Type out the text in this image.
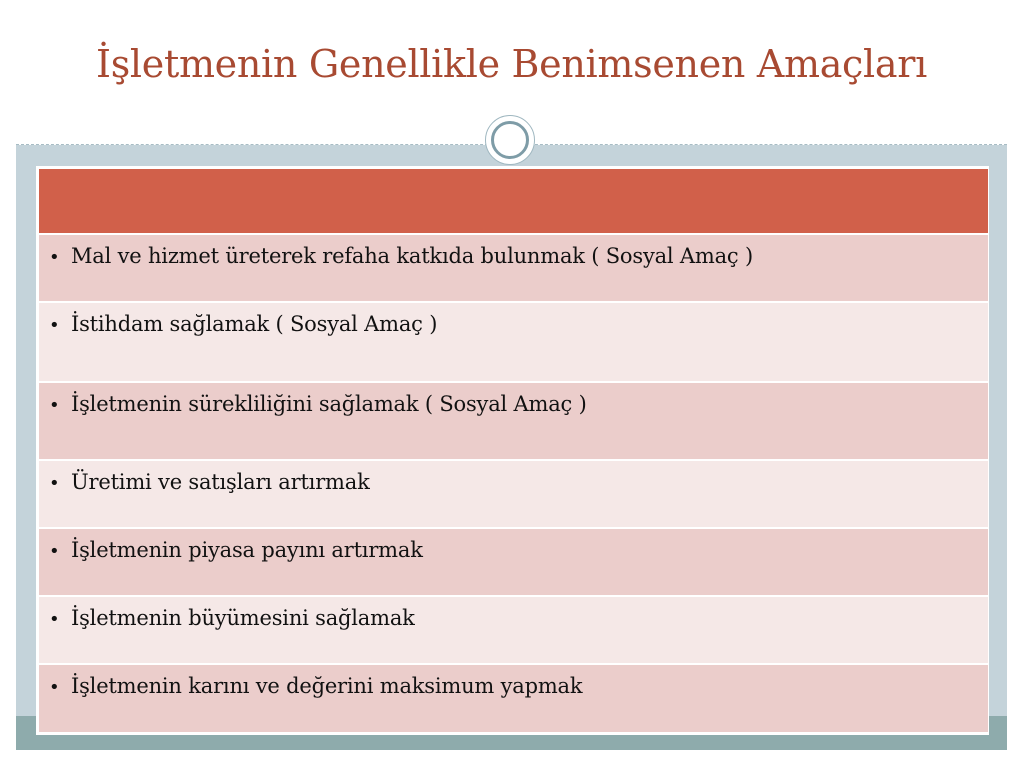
İşletmenin Genellikle Benimsenen Amaçları
• Mal ve hizmet üreterek refaha katkıda bulunmak ( Sosyal Amaç )
• İstihdam sağlamak ( Sosyal Amaç )
• İşletmenin sürekliliğini sağlamak ( Sosyal Amaç )
• Üretimi ve satışları artırmak
• İşletmenin piyasa payını artırmak
• İşletmenin büyümesini sağlamak
• İşletmenin karını ve değerini maksimum yapmak
